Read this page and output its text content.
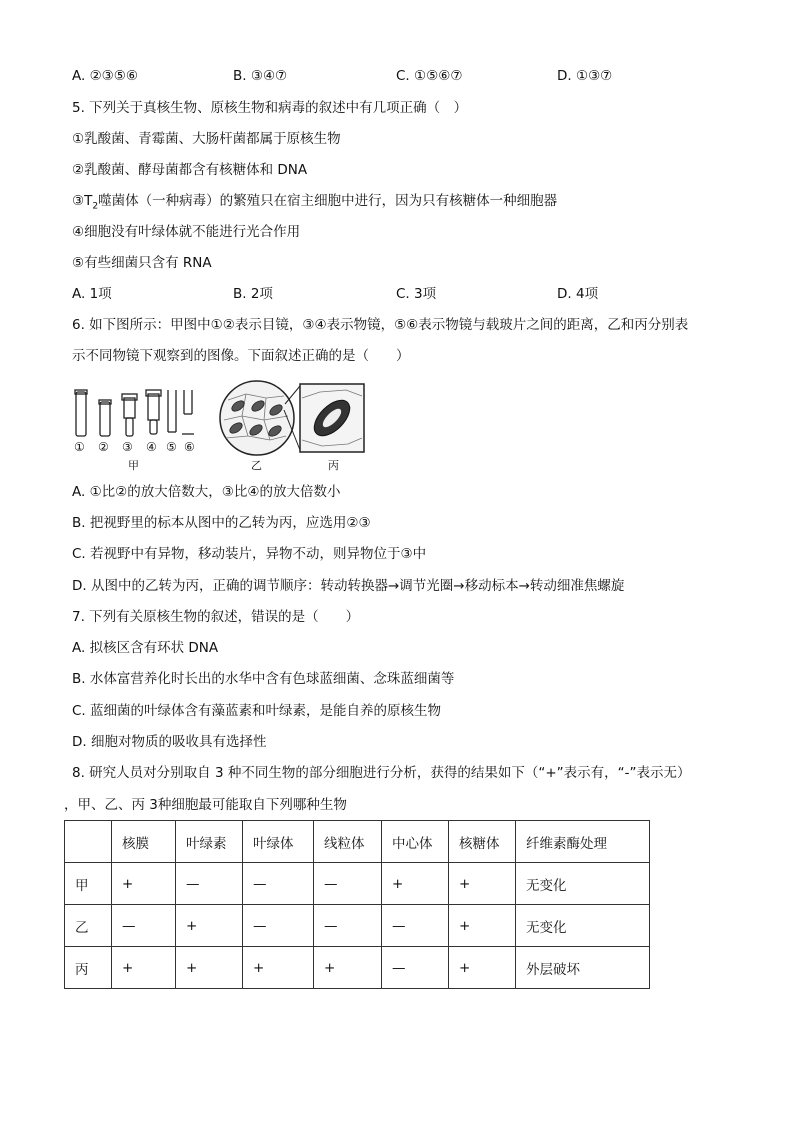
A. ②③⑤⑥	B. ③④⑦	C. ①⑤⑥⑦	D. ①③⑦
5. 下列关于真核生物、原核生物和病毒的叙述中有几项正确（　）
①乳酸菌、青霉菌、大肠杆菌都属于原核生物
②乳酸菌、酵母菌都含有核糖体和 DNA
$③T_2$噬菌体（一种病毒）的繁殖只在宿主细胞中进行，因为只有核糖体一种细胞器
④细胞没有叶绿体就不能进行光合作用
⑤有些细菌只含有 RNA
A. 1项	B. 2项	C. 3项	D. 4项
6. 如下图所示：甲图中①②表示目镜，③④表示物镜，⑤⑥表示物镜与载玻片之间的距离，乙和丙分别表
示不同物镜下观察到的图像。下面叙述正确的是（　　）
① ② ③ ④ ⑤ ⑥
甲	乙	丙
A. ①比②的放大倍数大，③比④的放大倍数小
B. 把视野里的标本从图中的乙转为丙，应选用②③
C. 若视野中有异物，移动装片，异物不动，则异物位于③中
D. 从图中的乙转为丙，正确的调节顺序：转动转换器→调节光圈→移动标本→转动细准焦螺旋
7. 下列有关原核生物的叙述，错误的是（　　）
A. 拟核区含有环状 DNA
B. 水体富营养化时长出的水华中含有色球蓝细菌、念珠蓝细菌等
C. 蓝细菌的叶绿体含有藻蓝素和叶绿素，是能自养的原核生物
D. 细胞对物质的吸收具有选择性
8. 研究人员对分别取自 3 种不同生物的部分细胞进行分析，获得的结果如下（“+”表示有，“-”表示无）
，甲、乙、丙 3种细胞最可能取自下列哪种生物
	核膜	叶绿素	叶绿体	线粒体	中心体	核糖体	纤维素酶处理
甲	+	—	—	—	+	+	无变化
乙	—	+	—	—	—	+	无变化
丙	+	+	+	+	—	+	外层破坏
